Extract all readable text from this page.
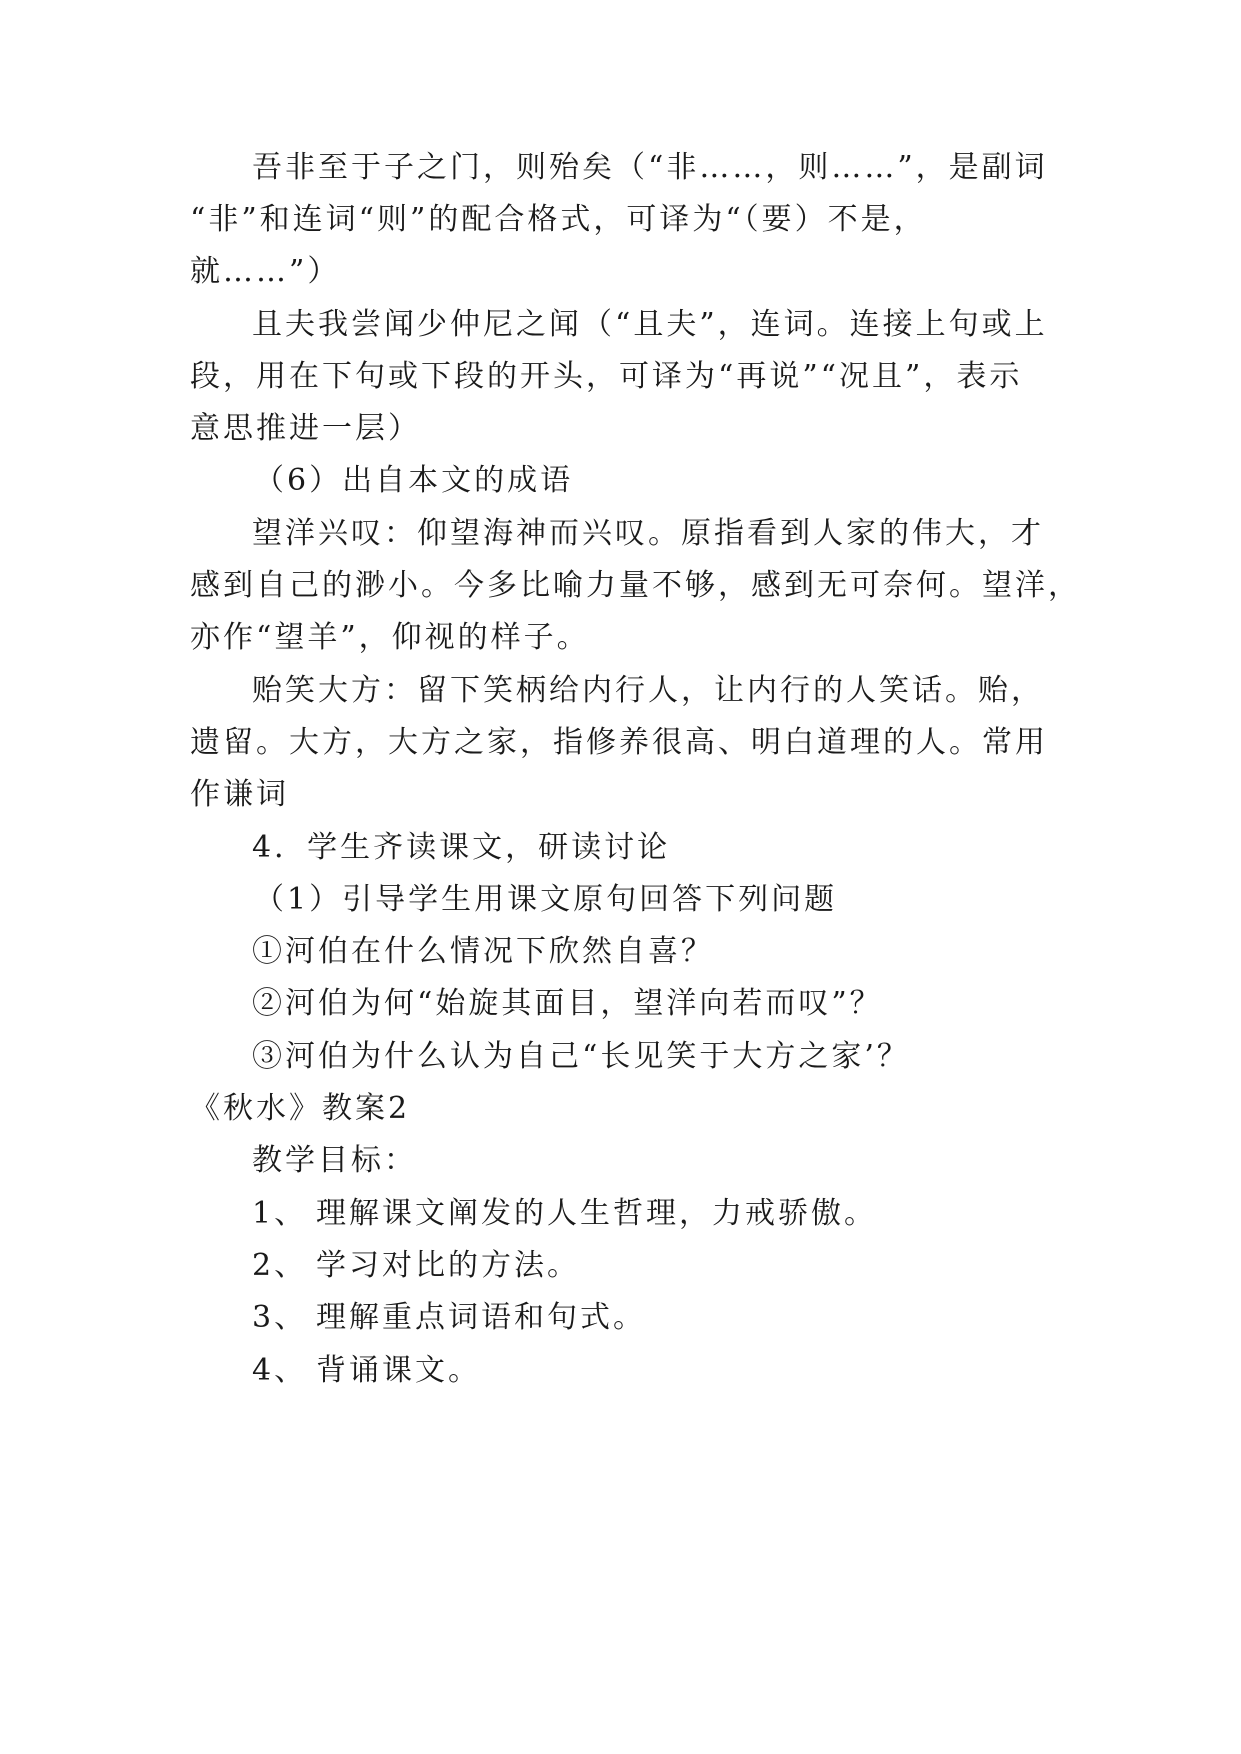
吾非至于子之门，则殆矣（“非……，则……”，是副词
“非”和连词“则”的配合格式，可译为“（要）不是，
就……”）
且夫我尝闻少仲尼之闻（“且夫”，连词。连接上句或上
段，用在下句或下段的开头，可译为“再说”“况且”，表示
意思推进一层）
（6）出自本文的成语
望洋兴叹：仰望海神而兴叹。原指看到人家的伟大，才
感到自己的渺小。今多比喻力量不够，感到无可奈何。望洋，
亦作“望羊”，仰视的样子。
贻笑大方：留下笑柄给内行人，让内行的人笑话。贻，
遗留。大方，大方之家，指修养很高、明白道理的人。常用
作谦词
4．学生齐读课文，研读讨论
（1）引导学生用课文原句回答下列问题
①河伯在什么情况下欣然自喜？
②河伯为何“始旋其面目，望洋向若而叹”？
③河伯为什么认为自己“长见笑于大方之家’？
《秋水》教案2
教学目标：
1、 理解课文阐发的人生哲理，力戒骄傲。
2、 学习对比的方法。
3、 理解重点词语和句式。
4、 背诵课文。
